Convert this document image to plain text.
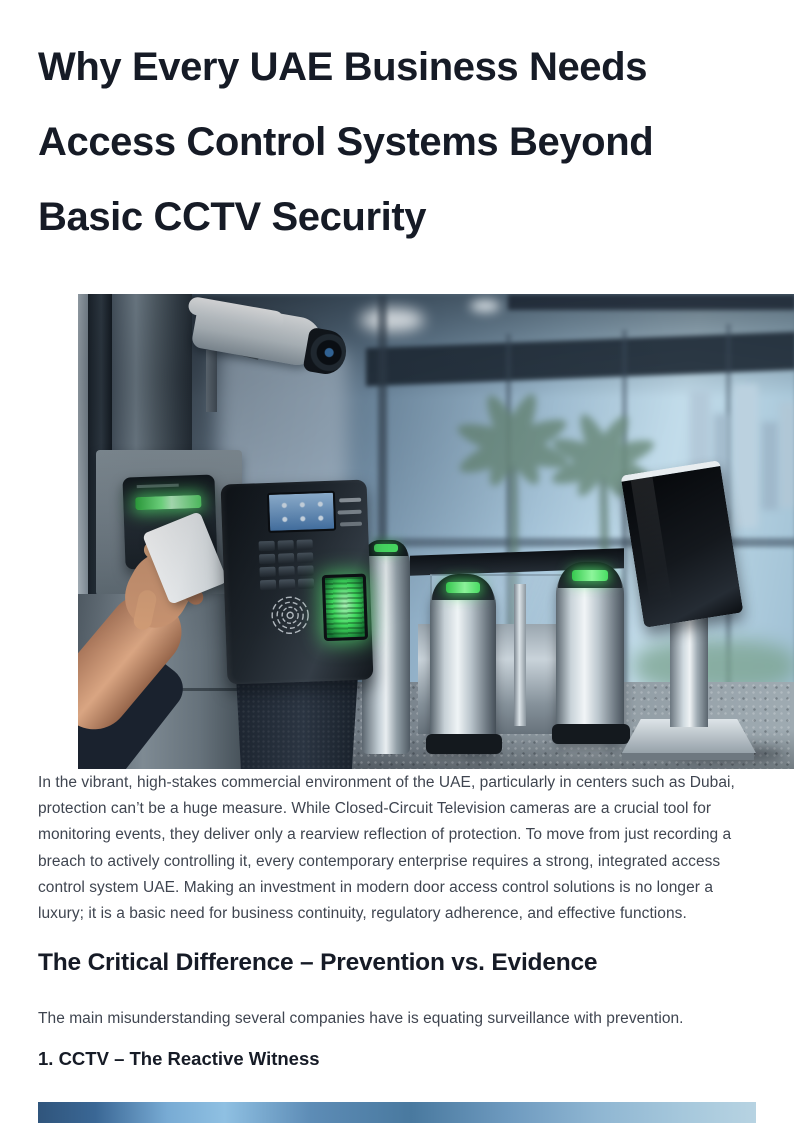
Why Every UAE Business Needs Access Control Systems Beyond Basic CCTV Security

In the vibrant, high-stakes commercial environment of the UAE, particularly in centers such as Dubai, protection can’t be a huge measure. While Closed-Circuit Television cameras are a crucial tool for monitoring events, they deliver only a rearview reflection of protection. To move from just recording a breach to actively controlling it, every contemporary enterprise requires a strong, integrated access control system UAE. Making an investment in modern door access control solutions is no longer a luxury; it is a basic need for business continuity, regulatory adherence, and effective functions.

The Critical Difference – Prevention vs. Evidence

The main misunderstanding several companies have is equating surveillance with prevention.

1. CCTV – The Reactive Witness
